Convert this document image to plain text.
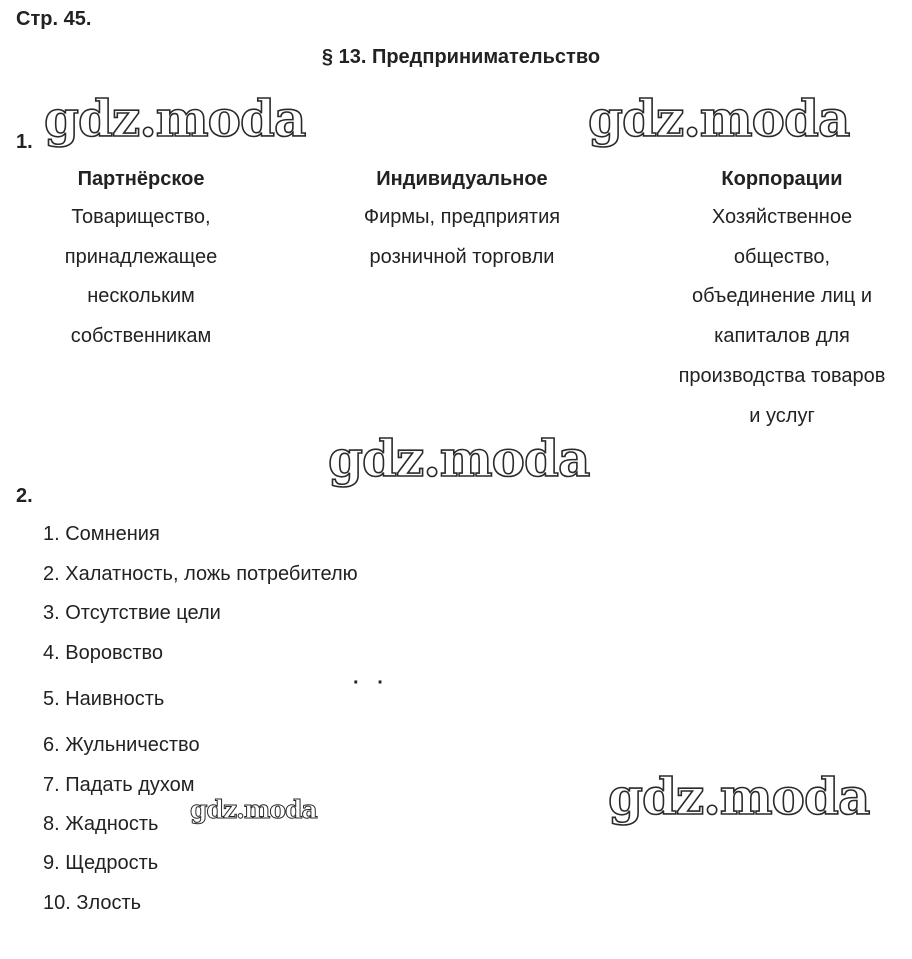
Стр. 45.
§ 13. Предпринимательство
1.
Партнёрское
Товарищество,
принадлежащее
нескольким
собственникам
Индивидуальное
Фирмы, предприятия
розничной торговли
Корпорации
Хозяйственное
общество,
объединение лиц и
капиталов для
производства товаров
и услуг
2.
1. Сомнения
2. Халатность, ложь потребителю
3. Отсутствие цели
4. Воровство
5. Наивность
6. Жульничество
7. Падать духом
8. Жадность
9. Щедрость
10. Злость
· ·
gdz.moda	gdz.moda
gdz.moda
gdz.moda
gdz.moda
